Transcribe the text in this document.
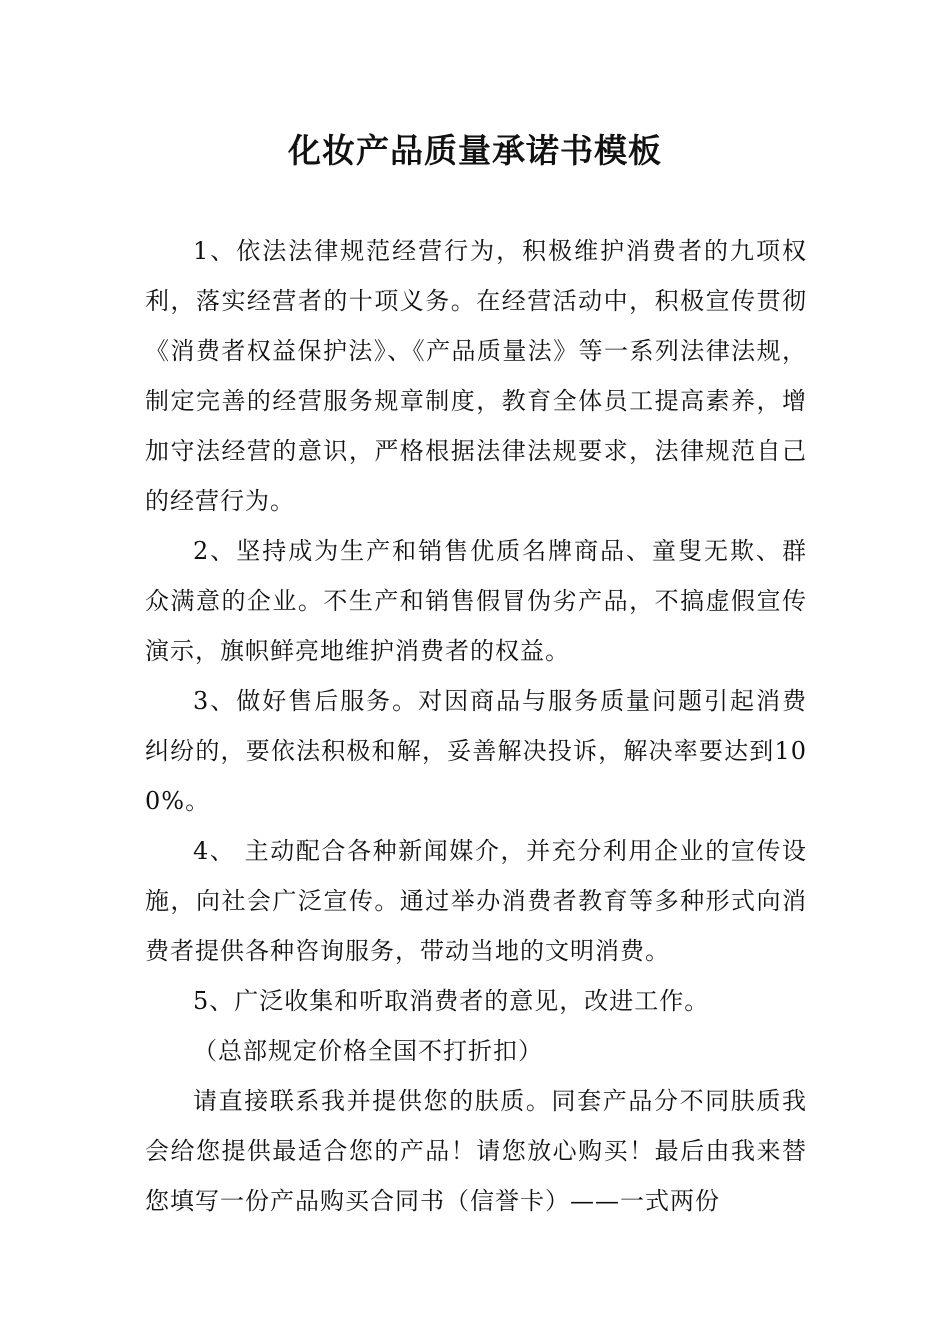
化妆产品质量承诺书模板

1、依法法律规范经营行为，积极维护消费者的九项权利，落实经营者的十项义务。在经营活动中，积极宣传贯彻《消费者权益保护法》、《产品质量法》等一系列法律法规，制定完善的经营服务规章制度，教育全体员工提高素养，增加守法经营的意识，严格根据法律法规要求，法律规范自己的经营行为。

2、坚持成为生产和销售优质名牌商品、童叟无欺、群众满意的企业。不生产和销售假冒伪劣产品，不搞虚假宣传演示，旗帜鲜亮地维护消费者的权益。

3、做好售后服务。对因商品与服务质量问题引起消费纠纷的，要依法积极和解，妥善解决投诉，解决率要达到100%。

4、 主动配合各种新闻媒介，并充分利用企业的宣传设施，向社会广泛宣传。通过举办消费者教育等多种形式向消费者提供各种咨询服务，带动当地的文明消费。

5、广泛收集和听取消费者的意见，改进工作。

（总部规定价格全国不打折扣）

请直接联系我并提供您的肤质。同套产品分不同肤质我会给您提供最适合您的产品！请您放心购买！最后由我来替您填写一份产品购买合同书（信誉卡）——一式两份
